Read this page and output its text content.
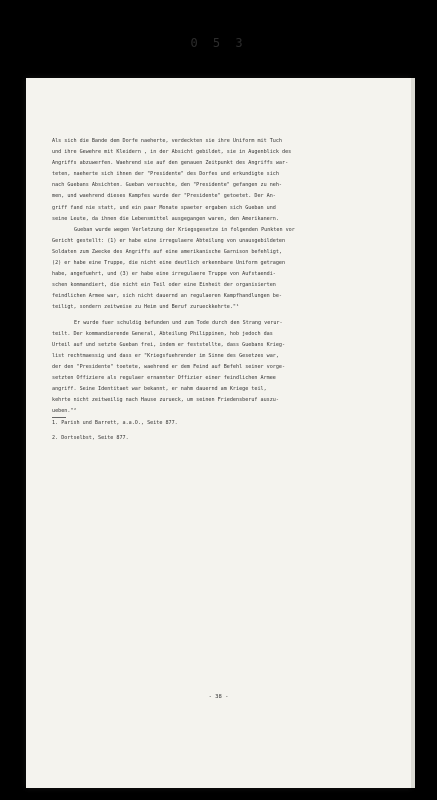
0 5 3
Als sich die Bande dem Dorfe naeherte, verdeckten sie ihre Uniform mit Tuch
und ihre Gewehre mit Kleidern , in der Absicht gebildet, sie in Augenblick des
Angriffs abzuwerfen. Waehrend sie auf den genauen Zeitpunkt des Angriffs war-
teten, naeherte sich ihnen der "Presidente" des Dorfes und erkundigte sich
nach Guebans Absichten. Gueban versuchte, den "Presidente" gefangen zu neh-
men, und waehrend dieses Kampfes wurde der "Presidente" getoetet. Der An-
griff fand nie statt, und ein paar Monate spaeter ergaben sich Gueban und
seine Leute, da ihnen die Lebensmittel ausgegangen waren, den Amerikanern.
Gueban wurde wegen Verletzung der Kriegsgesetze in folgenden Punkten vor
Gericht gestellt: (1) er habe eine irregulaere Abteilung von unausgebildeten
Soldaten zum Zwecke des Angriffs auf eine amerikanische Garnison befehligt,
(2) er habe eine Truppe, die nicht eine deutlich erkennbare Uniform getragen
habe, angefuehrt, und (3) er habe eine irregulaere Truppe von Aufstaendi-
schen kommandiert, die nicht ein Teil oder eine Einheit der organisierten
feindlichen Armee war, sich nicht dauernd an regulaeren Kampfhandlungen be-
teiligt, sondern zeitweise zu Heim und Beruf zurueckkehrte."¹
Er wurde fuer schuldig befunden und zum Tode durch den Strang verur-
teilt. Der kommandierende General, Abteilung Philippinen, hob jedoch das
Urteil auf und setzte Gueban frei, indem er feststellte, dass Guebans Krieg-
list rechtmaessig und dass er "Kriegsfuehrender im Sinne des Gesetzes war,
der den "Presidente" toetete, waehrend er dem Feind auf Befehl seiner vorge-
setzten Offiziere als regulaer ernannter Offizier einer feindlichen Armee
angriff. Seine Identitaet war bekannt, er nahm dauernd am Kriege teil,
kehrte nicht zeitweilig nach Hause zurueck, um seinen Friedensberuf auszu-
ueben."²
1. Parish und Barrett, a.a.O., Seite 877.
2. Dortselbst, Seite 877.
- 38 -
